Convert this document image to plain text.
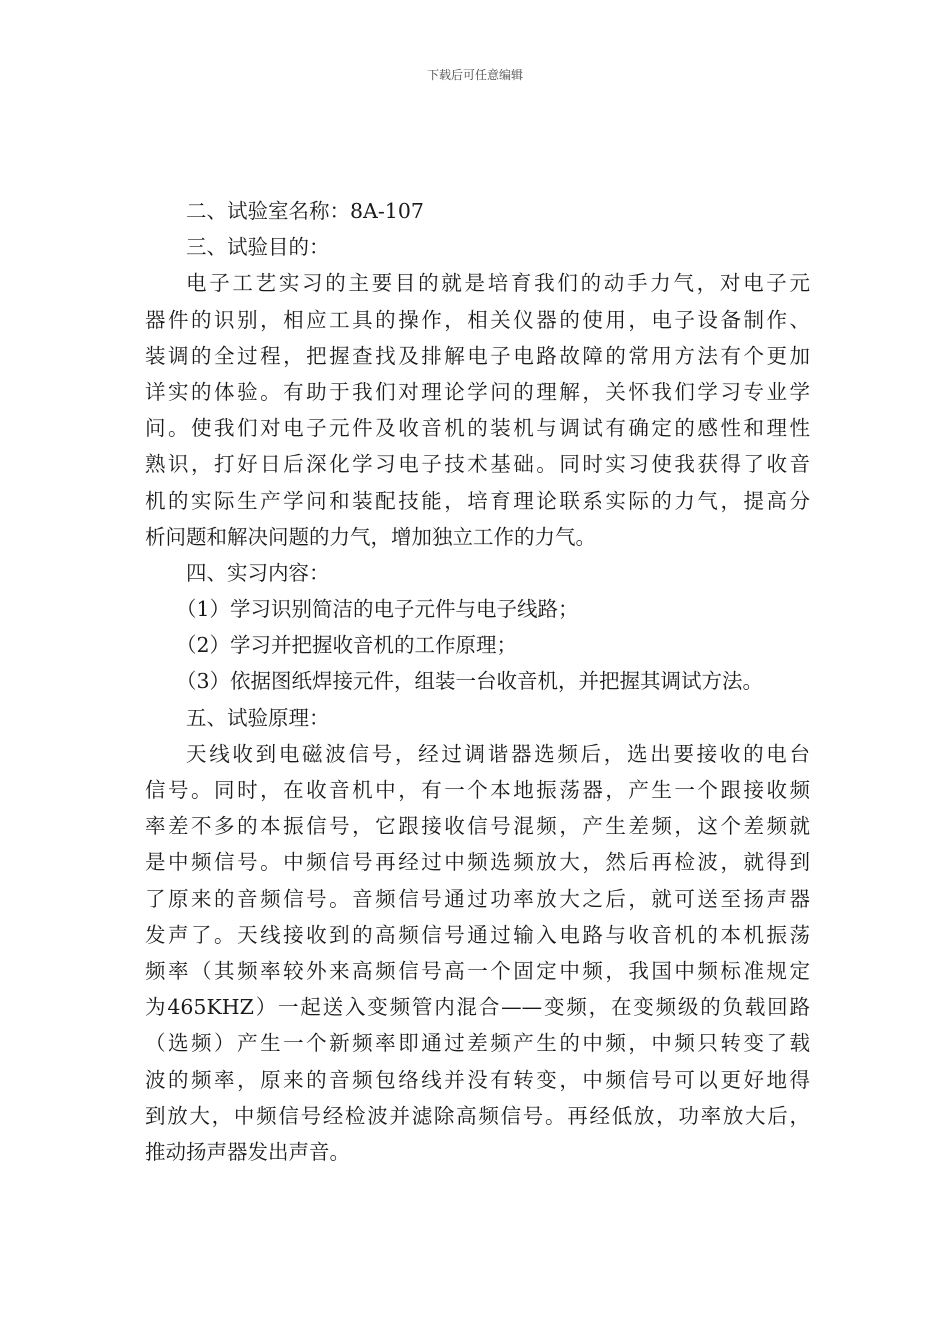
下载后可任意编辑
二、试验室名称：8A-107
三、试验目的：
电子工艺实习的主要目的就是培育我们的动手力气，对电子元
器件的识别，相应工具的操作，相关仪器的使用，电子设备制作、
装调的全过程，把握查找及排解电子电路故障的常用方法有个更加
详实的体验。有助于我们对理论学问的理解，关怀我们学习专业学
问。使我们对电子元件及收音机的装机与调试有确定的感性和理性
熟识，打好日后深化学习电子技术基础。同时实习使我获得了收音
机的实际生产学问和装配技能，培育理论联系实际的力气，提高分
析问题和解决问题的力气，增加独立工作的力气。
四、实习内容：
（1）学习识别简洁的电子元件与电子线路；
（2）学习并把握收音机的工作原理；
（3）依据图纸焊接元件，组装一台收音机，并把握其调试方法。
五、试验原理：
天线收到电磁波信号，经过调谐器选频后，选出要接收的电台
信号。同时，在收音机中，有一个本地振荡器，产生一个跟接收频
率差不多的本振信号，它跟接收信号混频，产生差频，这个差频就
是中频信号。中频信号再经过中频选频放大，然后再检波，就得到
了原来的音频信号。音频信号通过功率放大之后，就可送至扬声器
发声了。天线接收到的高频信号通过输入电路与收音机的本机振荡
频率（其频率较外来高频信号高一个固定中频，我国中频标准规定
为465KHZ）一起送入变频管内混合——变频，在变频级的负载回路
（选频）产生一个新频率即通过差频产生的中频，中频只转变了载
波的频率，原来的音频包络线并没有转变，中频信号可以更好地得
到放大，中频信号经检波并滤除高频信号。再经低放，功率放大后，
推动扬声器发出声音。
